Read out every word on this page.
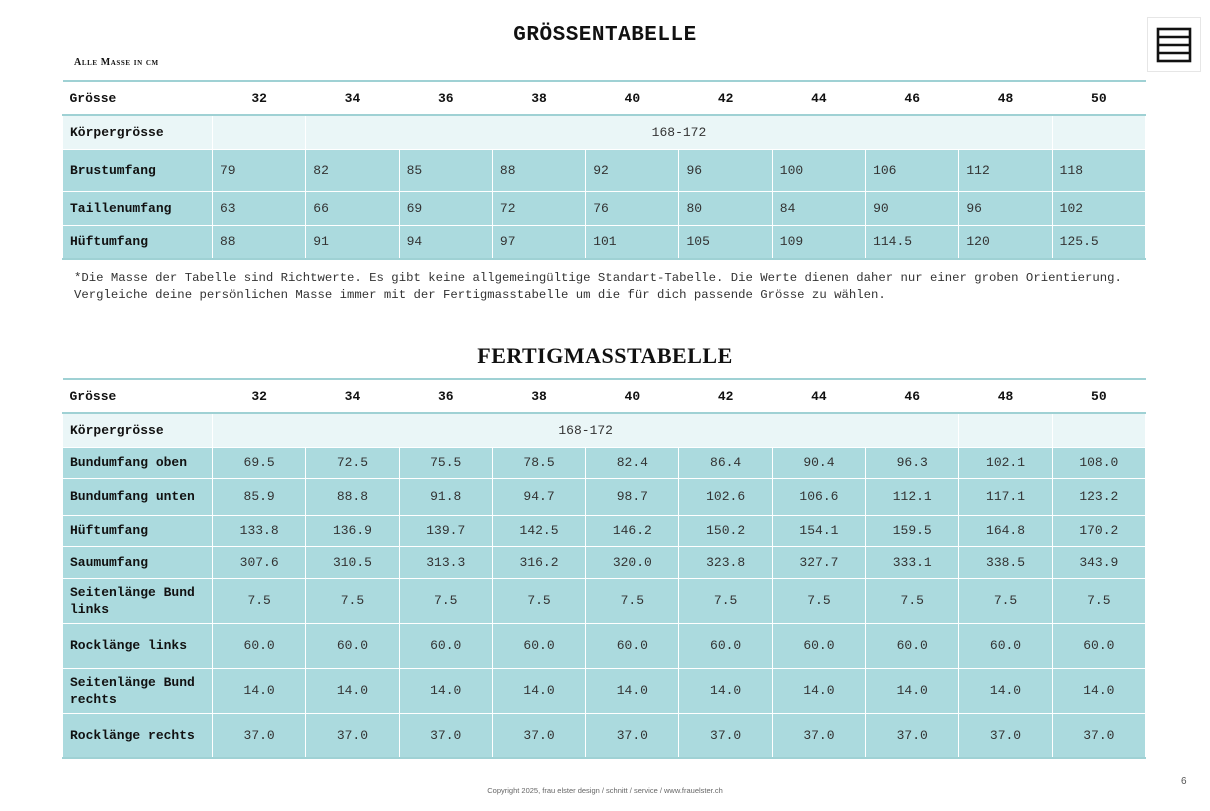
GRÖSSENTABELLE
Alle Masse in cm
Grösse	32	34	36	38	40	42	44	46	48	50
Körpergrösse		168-172								
Brustumfang	79	82	85	88	92	96	100	106	112	118
Taillenumfang	63	66	69	72	76	80	84	90	96	102
Hüftumfang	88	91	94	97	101	105	109	114.5	120	125.5
*Die Masse der Tabelle sind Richtwerte. Es gibt keine allgemeingültige Standart-Tabelle. Die Werte dienen daher nur einer groben Orientierung. Vergleiche deine persönlichen Masse immer mit der Fertigmasstabelle um die für dich passende Grösse zu wählen.
FERTIGMASSTABELLE
Grösse	32	34	36	38	40	42	44	46	48	50
Körpergrösse	168-172									
Bundumfang oben	69.5	72.5	75.5	78.5	82.4	86.4	90.4	96.3	102.1	108.0
Bundumfang unten	85.9	88.8	91.8	94.7	98.7	102.6	106.6	112.1	117.1	123.2
Hüftumfang	133.8	136.9	139.7	142.5	146.2	150.2	154.1	159.5	164.8	170.2
Saumumfang	307.6	310.5	313.3	316.2	320.0	323.8	327.7	333.1	338.5	343.9
Seitenlänge Bund links	7.5	7.5	7.5	7.5	7.5	7.5	7.5	7.5	7.5	7.5
Rocklänge links	60.0	60.0	60.0	60.0	60.0	60.0	60.0	60.0	60.0	60.0
Seitenlänge Bund rechts	14.0	14.0	14.0	14.0	14.0	14.0	14.0	14.0	14.0	14.0
Rocklänge rechts	37.0	37.0	37.0	37.0	37.0	37.0	37.0	37.0	37.0	37.0
Copyright 2025, frau elster design / schnitt / service / www.frauelster.ch
6
